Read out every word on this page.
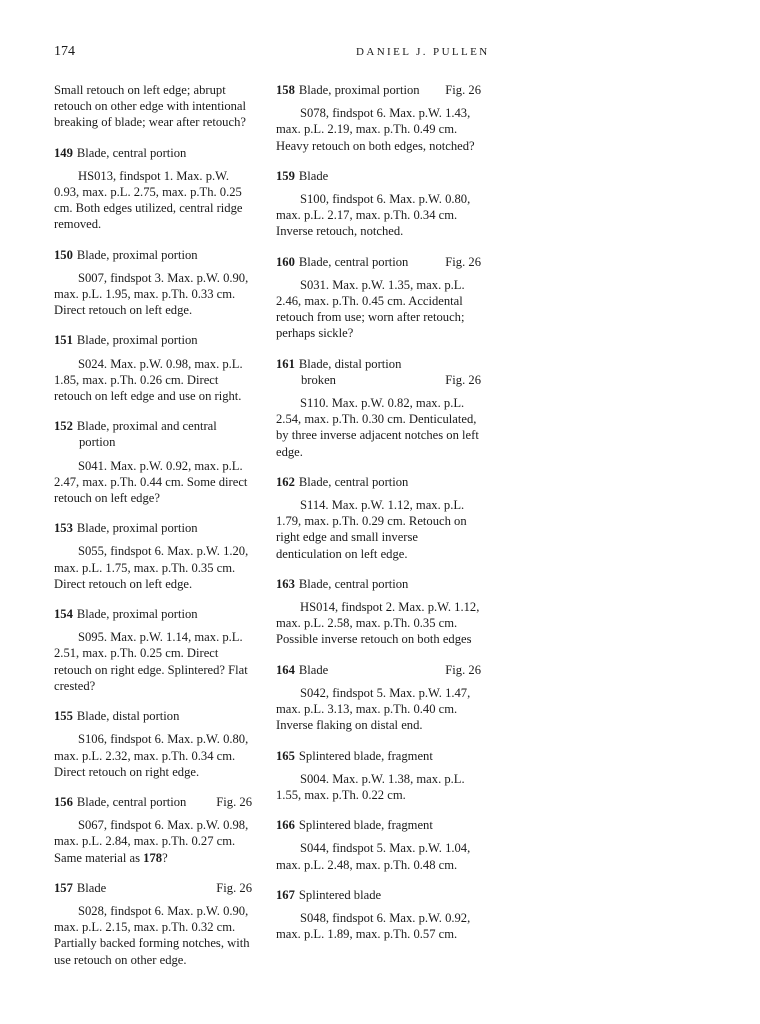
174	DANIEL J. PULLEN
Small retouch on left edge; abrupt retouch on other edge with intentional breaking of blade; wear after retouch?
149 Blade, central portion
HS013, findspot 1. Max. p.W. 0.93, max. p.L. 2.75, max. p.Th. 0.25 cm. Both edges utilized, central ridge removed.
150 Blade, proximal portion
S007, findspot 3. Max. p.W. 0.90, max. p.L. 1.95, max. p.Th. 0.33 cm. Direct retouch on left edge.
151 Blade, proximal portion
S024. Max. p.W. 0.98, max. p.L. 1.85, max. p.Th. 0.26 cm. Direct retouch on left edge and use on right.
152 Blade, proximal and central
portion
S041. Max. p.W. 0.92, max. p.L. 2.47, max. p.Th. 0.44 cm. Some direct retouch on left edge?
153 Blade, proximal portion
S055, findspot 6. Max. p.W. 1.20, max. p.L. 1.75, max. p.Th. 0.35 cm. Direct retouch on left edge.
154 Blade, proximal portion
S095. Max. p.W. 1.14, max. p.L. 2.51, max. p.Th. 0.25 cm. Direct retouch on right edge. Splintered? Flat crested?
155 Blade, distal portion
S106, findspot 6. Max. p.W. 0.80, max. p.L. 2.32, max. p.Th. 0.34 cm. Direct retouch on right edge.
156 Blade, central portion Fig. 26
S067, findspot 6. Max. p.W. 0.98, max. p.L. 2.84, max. p.Th. 0.27 cm. Same material as 178?
157 Blade	Fig. 26
S028, findspot 6. Max. p.W. 0.90, max. p.L. 2.15, max. p.Th. 0.32 cm. Partially backed forming notches, with use retouch on other edge.
158 Blade, proximal portion Fig. 26
S078, findspot 6. Max. p.W. 1.43, max. p.L. 2.19, max. p.Th. 0.49 cm. Heavy retouch on both edges, notched?
159 Blade
S100, findspot 6. Max. p.W. 0.80, max. p.L. 2.17, max. p.Th. 0.34 cm. Inverse retouch, notched.
160 Blade, central portion	Fig. 26
S031. Max. p.W. 1.35, max. p.L. 2.46, max. p.Th. 0.45 cm. Accidental retouch from use; worn after retouch; perhaps sickle?
161 Blade, distal portion
broken	Fig. 26
S110. Max. p.W. 0.82, max. p.L. 2.54, max. p.Th. 0.30 cm. Denticulated, by three inverse adjacent notches on left edge.
162 Blade, central portion
S114. Max. p.W. 1.12, max. p.L. 1.79, max. p.Th. 0.29 cm. Retouch on right edge and small inverse denticulation on left edge.
163 Blade, central portion
HS014, findspot 2. Max. p.W. 1.12, max. p.L. 2.58, max. p.Th. 0.35 cm. Possible inverse retouch on both edges
164 Blade	Fig. 26
S042, findspot 5. Max. p.W. 1.47, max. p.L. 3.13, max. p.Th. 0.40 cm. Inverse flaking on distal end.
165 Splintered blade, fragment
S004. Max. p.W. 1.38, max. p.L. 1.55, max. p.Th. 0.22 cm.
166 Splintered blade, fragment
S044, findspot 5. Max. p.W. 1.04, max. p.L. 2.48, max. p.Th. 0.48 cm.
167 Splintered blade
S048, findspot 6. Max. p.W. 0.92, max. p.L. 1.89, max. p.Th. 0.57 cm.
